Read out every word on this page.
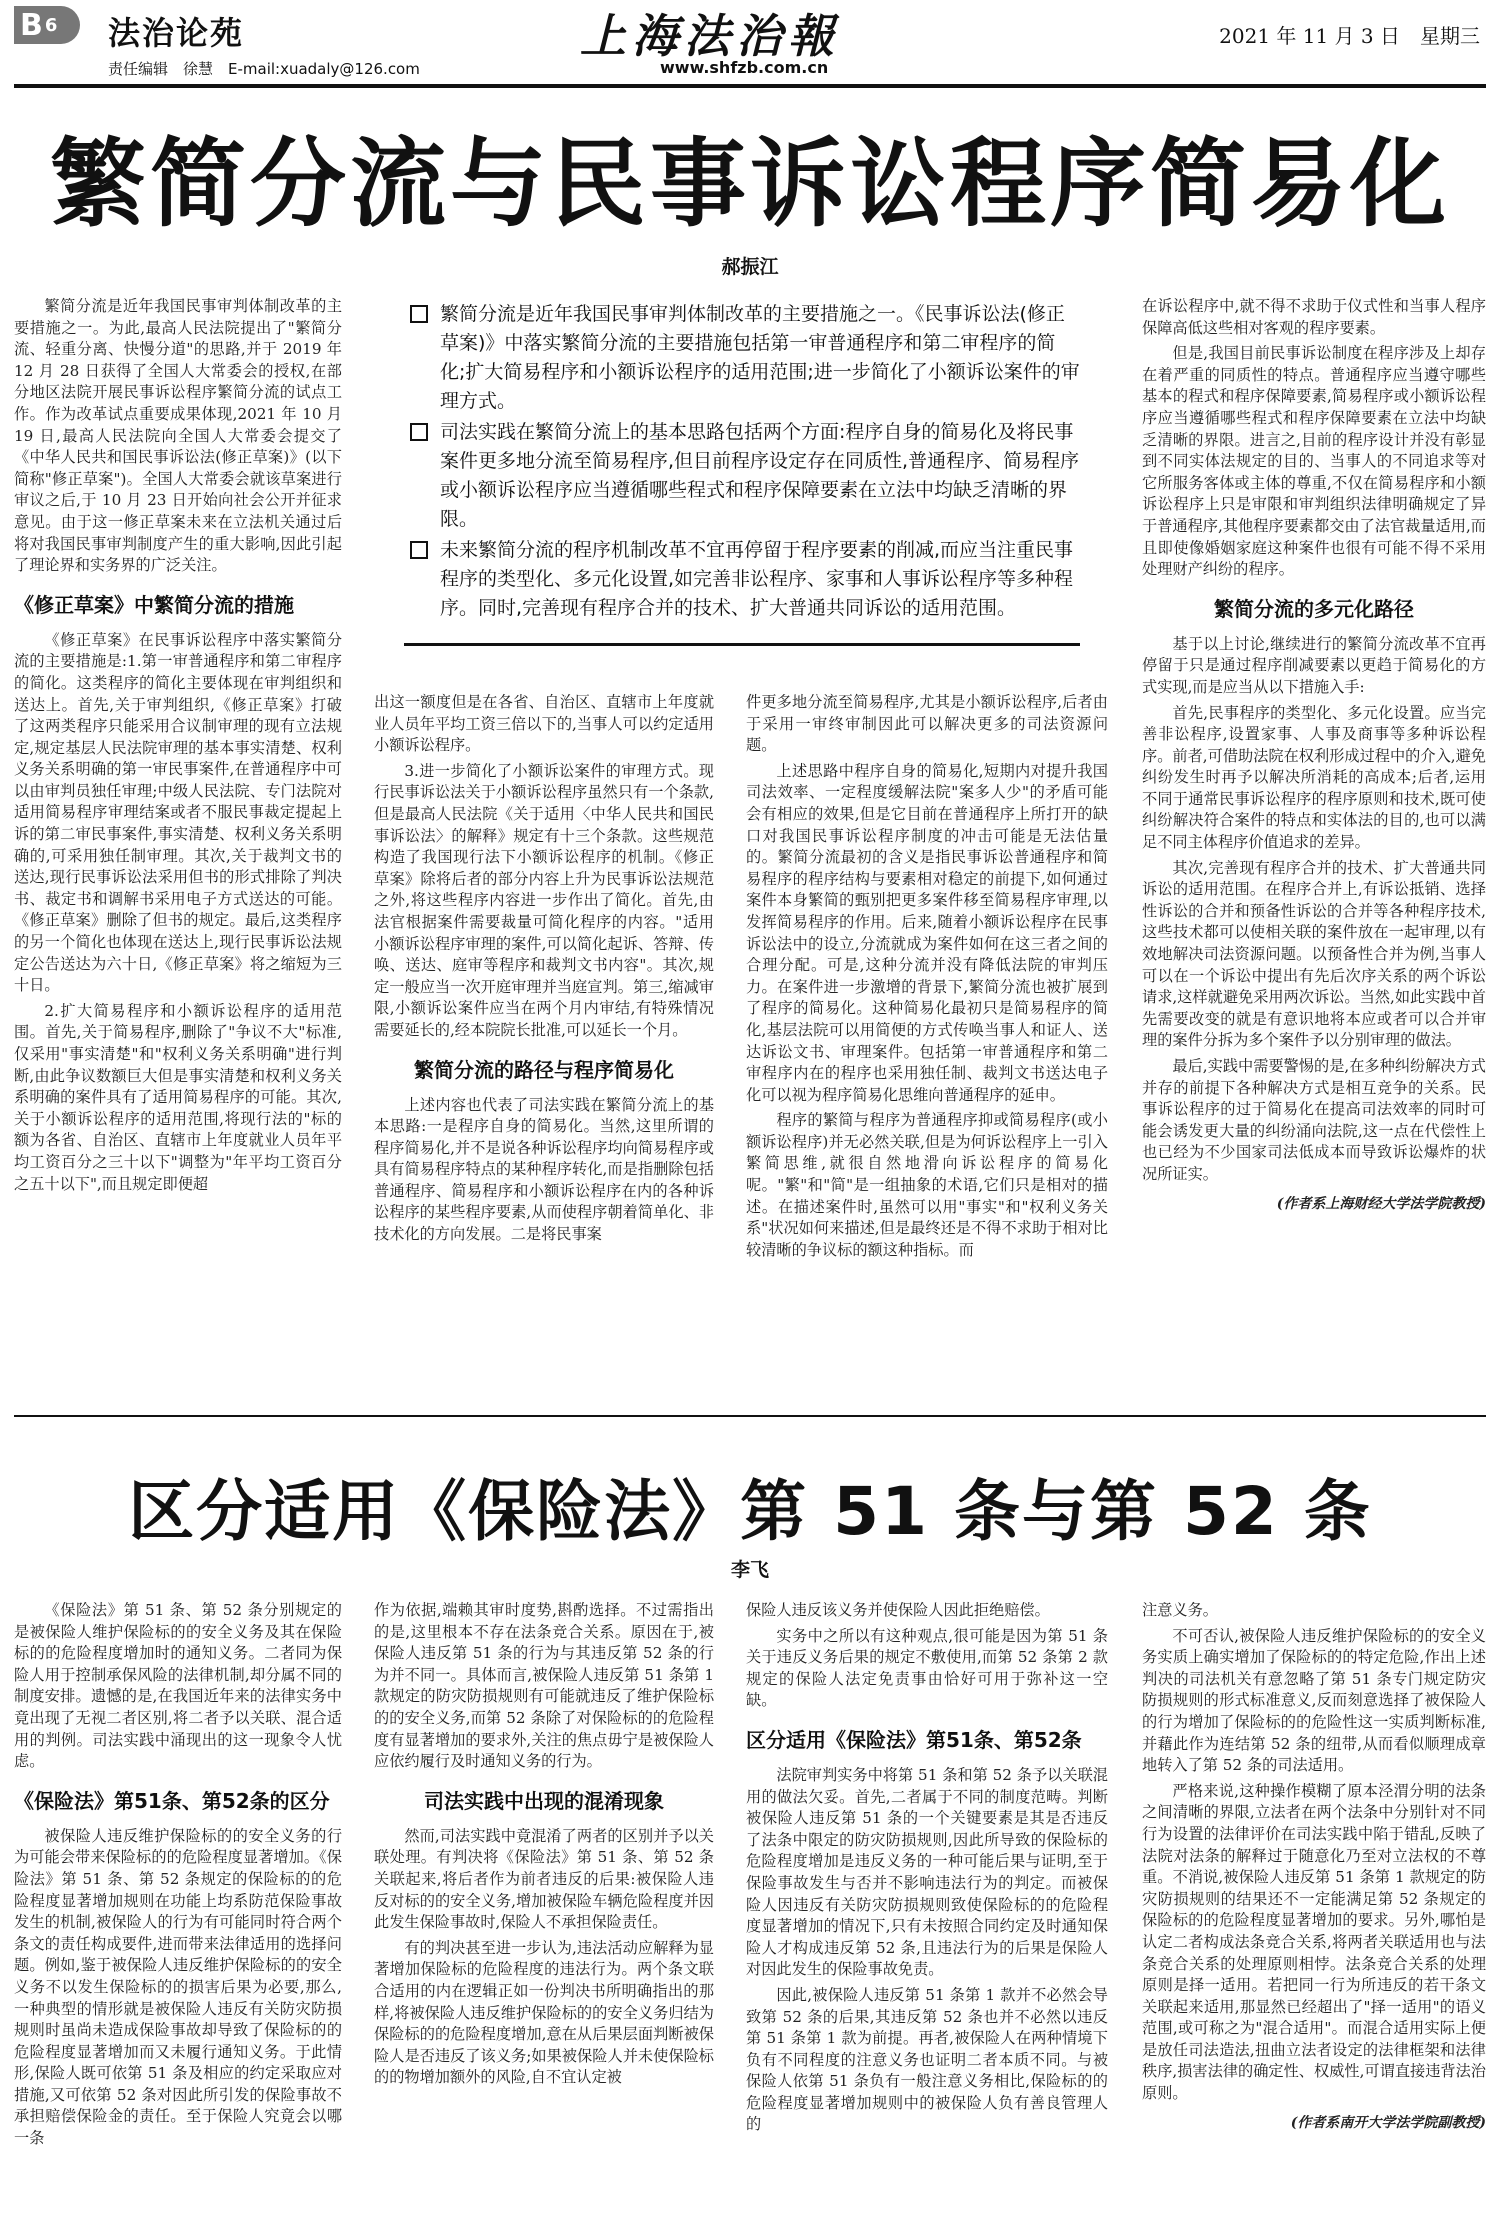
B 6 法治论苑
责任编辑　徐慧　E-mail:xuadaly@126.com
上海法治報
www.shfzb.com.cn
2021 年 11 月 3 日　星期三
繁简分流与民事诉讼程序简易化
郝振江
繁简分流是近年我国民事审判体制改革的主要措施之一。《民事诉讼法(修正草案)》中落实繁简分流的主要措施包括第一审普通程序和第二审程序的简化;扩大简易程序和小额诉讼程序的适用范围;进一步简化了小额诉讼案件的审理方式。
司法实践在繁简分流上的基本思路包括两个方面:程序自身的简易化及将民事案件更多地分流至简易程序,但目前程序设定存在同质性,普通程序、简易程序或小额诉讼程序应当遵循哪些程式和程序保障要素在立法中均缺乏清晰的界限。
未来繁简分流的程序机制改革不宜再停留于程序要素的削减,而应当注重民事程序的类型化、多元化设置,如完善非讼程序、家事和人事诉讼程序等多种程序。同时,完善现有程序合并的技术、扩大普通共同诉讼的适用范围。

繁简分流是近年我国民事审判体制改革的主要措施之一。为此,最高人民法院提出了"繁简分流、轻重分离、快慢分道"的思路,并于 2019 年 12 月 28 日获得了全国人大常委会的授权,在部分地区法院开展民事诉讼程序繁简分流的试点工作。作为改革试点重要成果体现,2021 年 10 月 19 日,最高人民法院向全国人大常委会提交了《中华人民共和国民事诉讼法(修正草案)》(以下简称"修正草案")。全国人大常委会就该草案进行审议之后,于 10 月 23 日开始向社会公开并征求意见。由于这一修正草案未来在立法机关通过后将对我国民事审判制度产生的重大影响,因此引起了理论界和实务界的广泛关注。

《修正草案》中繁简分流的措施

《修正草案》在民事诉讼程序中落实繁简分流的主要措施是:1.第一审普通程序和第二审程序的简化。这类程序的简化主要体现在审判组织和送达上。首先,关于审判组织,《修正草案》打破了这两类程序只能采用合议制审理的现有立法规定,规定基层人民法院审理的基本事实清楚、权利义务关系明确的第一审民事案件,在普通程序中可以由审判员独任审理;中级人民法院、专门法院对适用简易程序审理结案或者不服民事裁定提起上诉的第二审民事案件,事实清楚、权利义务关系明确的,可采用独任制审理。其次,关于裁判文书的送达,现行民事诉讼法采用但书的形式排除了判决书、裁定书和调解书采用电子方式送达的可能。《修正草案》删除了但书的规定。最后,这类程序的另一个简化也体现在送达上,现行民事诉讼法规定公告送达为六十日,《修正草案》将之缩短为三十日。

2.扩大简易程序和小额诉讼程序的适用范围。首先,关于简易程序,删除了"争议不大"标准,仅采用"事实清楚"和"权利义务关系明确"进行判断,由此争议数额巨大但是事实清楚和权利义务关系明确的案件具有了适用简易程序的可能。其次,关于小额诉讼程序的适用范围,将现行法的"标的额为各省、自治区、直辖市上年度就业人员年平均工资百分之三十以下"调整为"年平均工资百分之五十以下",而且规定即便超

出这一额度但是在各省、自治区、直辖市上年度就业人员年平均工资三倍以下的,当事人可以约定适用小额诉讼程序。

3.进一步简化了小额诉讼案件的审理方式。现行民事诉讼法关于小额诉讼程序虽然只有一个条款,但是最高人民法院《关于适用〈中华人民共和国民事诉讼法〉的解释》规定有十三个条款。这些规范构造了我国现行法下小额诉讼程序的机制。《修正草案》除将后者的部分内容上升为民事诉讼法规范之外,将这些程序内容进一步作出了简化。首先,由法官根据案件需要裁量可简化程序的内容。"适用小额诉讼程序审理的案件,可以简化起诉、答辩、传唤、送达、庭审等程序和裁判文书内容"。其次,规定一般应当一次开庭审理并当庭宣判。第三,缩减审限,小额诉讼案件应当在两个月内审结,有特殊情况需要延长的,经本院院长批准,可以延长一个月。

繁简分流的路径与程序简易化

上述内容也代表了司法实践在繁简分流上的基本思路:一是程序自身的简易化。当然,这里所谓的程序简易化,并不是说各种诉讼程序均向简易程序或具有简易程序特点的某种程序转化,而是指删除包括普通程序、简易程序和小额诉讼程序在内的各种诉讼程序的某些程序要素,从而使程序朝着简单化、非技术化的方向发展。二是将民事案

件更多地分流至简易程序,尤其是小额诉讼程序,后者由于采用一审终审制因此可以解决更多的司法资源问题。

上述思路中程序自身的简易化,短期内对提升我国司法效率、一定程度缓解法院"案多人少"的矛盾可能会有相应的效果,但是它目前在普通程序上所打开的缺口对我国民事诉讼程序制度的冲击可能是无法估量的。繁简分流最初的含义是指民事诉讼普通程序和简易程序的程序结构与要素相对稳定的前提下,如何通过案件本身繁简的甄别把更多案件移至简易程序审理,以发挥简易程序的作用。后来,随着小额诉讼程序在民事诉讼法中的设立,分流就成为案件如何在这三者之间的合理分配。可是,这种分流并没有降低法院的审判压力。在案件进一步激增的背景下,繁简分流也被扩展到了程序的简易化。这种简易化最初只是简易程序的简化,基层法院可以用简便的方式传唤当事人和证人、送达诉讼文书、审理案件。包括第一审普通程序和第二审程序内在的程序也采用独任制、裁判文书送达电子化可以视为程序简易化思维向普通程序的延申。

程序的繁简与程序为普通程序抑或简易程序(或小额诉讼程序)并无必然关联,但是为何诉讼程序上一引入繁简思维,就很自然地滑向诉讼程序的简易化呢。"繁"和"简"是一组抽象的术语,它们只是相对的描述。在描述案件时,虽然可以用"事实"和"权利义务关系"状况如何来描述,但是最终还是不得不求助于相对比较清晰的争议标的额这种指标。而

在诉讼程序中,就不得不求助于仪式性和当事人程序保障高低这些相对客观的程序要素。

但是,我国目前民事诉讼制度在程序涉及上却存在着严重的同质性的特点。普通程序应当遵守哪些基本的程式和程序保障要素,简易程序或小额诉讼程序应当遵循哪些程式和程序保障要素在立法中均缺乏清晰的界限。进言之,目前的程序设计并没有彰显到不同实体法规定的目的、当事人的不同追求等对它所服务客体或主体的尊重,不仅在简易程序和小额诉讼程序上只是审限和审判组织法律明确规定了异于普通程序,其他程序要素都交由了法官裁量适用,而且即使像婚姻家庭这种案件也很有可能不得不采用处理财产纠纷的程序。

繁简分流的多元化路径

基于以上讨论,继续进行的繁简分流改革不宜再停留于只是通过程序削减要素以更趋于简易化的方式实现,而是应当从以下措施入手:

首先,民事程序的类型化、多元化设置。应当完善非讼程序,设置家事、人事及商事等多种诉讼程序。前者,可借助法院在权利形成过程中的介入,避免纠纷发生时再予以解决所消耗的高成本;后者,运用不同于通常民事诉讼程序的程序原则和技术,既可使纠纷解决符合案件的特点和实体法的目的,也可以满足不同主体程序价值追求的差异。

其次,完善现有程序合并的技术、扩大普通共同诉讼的适用范围。在程序合并上,有诉讼抵销、选择性诉讼的合并和预备性诉讼的合并等各种程序技术,这些技术都可以使相关联的案件放在一起审理,以有效地解决司法资源问题。以预备性合并为例,当事人可以在一个诉讼中提出有先后次序关系的两个诉讼请求,这样就避免采用两次诉讼。当然,如此实践中首先需要改变的就是有意识地将本应或者可以合并审理的案件分拆为多个案件予以分别审理的做法。

最后,实践中需要警惕的是,在多种纠纷解决方式并存的前提下各种解决方式是相互竞争的关系。民事诉讼程序的过于简易化在提高司法效率的同时可能会诱发更大量的纠纷涌向法院,这一点在代偿性上也已经为不少国家司法低成本而导致诉讼爆炸的状况所证实。

(作者系上海财经大学法学院教授)

区分适用《保险法》第 51 条与第 52 条
李飞

《保险法》第 51 条、第 52 条分别规定的是被保险人维护保险标的的安全义务及其在保险标的的危险程度增加时的通知义务。二者同为保险人用于控制承保风险的法律机制,却分属不同的制度安排。遗憾的是,在我国近年来的法律实务中竟出现了无视二者区别,将二者予以关联、混合适用的判例。司法实践中涌现出的这一现象令人忧虑。

《保险法》第51条、第52条的区分

被保险人违反维护保险标的的安全义务的行为可能会带来保险标的的危险程度显著增加。《保险法》第 51 条、第 52 条规定的保险标的的危险程度显著增加规则在功能上均系防范保险事故发生的机制,被保险人的行为有可能同时符合两个条文的责任构成要件,进而带来法律适用的选择问题。例如,鉴于被保险人违反维护保险标的的安全义务不以发生保险标的的损害后果为必要,那么,一种典型的情形就是被保险人违反有关防灾防损规则时虽尚未造成保险事故却导致了保险标的的危险程度显著增加而又未履行通知义务。于此情形,保险人既可依第 51 条及相应的约定采取应对措施,又可依第 52 条对因此所引发的保险事故不承担赔偿保险金的责任。至于保险人究竟会以哪一条

作为依据,端赖其审时度势,斟酌选择。不过需指出的是,这里根本不存在法条竞合关系。原因在于,被保险人违反第 51 条的行为与其违反第 52 条的行为并不同一。具体而言,被保险人违反第 51 条第 1 款规定的防灾防损规则有可能就违反了维护保险标的的安全义务,而第 52 条除了对保险标的的危险程度有显著增加的要求外,关注的焦点毋宁是被保险人应依约履行及时通知义务的行为。

司法实践中出现的混淆现象

然而,司法实践中竟混淆了两者的区别并予以关联处理。有判决将《保险法》第 51 条、第 52 条关联起来,将后者作为前者违反的后果:被保险人违反对标的的安全义务,增加被保险车辆危险程度并因此发生保险事故时,保险人不承担保险责任。

有的判决甚至进一步认为,违法活动应解释为显著增加保险标的危险程度的违法行为。两个条文联合适用的内在逻辑正如一份判决书所明确指出的那样,将被保险人违反维护保险标的的安全义务归结为保险标的的危险程度增加,意在从后果层面判断被保险人是否违反了该义务;如果被保险人并未使保险标的的物增加额外的风险,自不宜认定被

保险人违反该义务并使保险人因此拒绝赔偿。

实务中之所以有这种观点,很可能是因为第 51 条关于违反义务后果的规定不敷使用,而第 52 条第 2 款规定的保险人法定免责事由恰好可用于弥补这一空缺。

区分适用《保险法》第51条、第52条

法院审判实务中将第 51 条和第 52 条予以关联混用的做法欠妥。首先,二者属于不同的制度范畴。判断被保险人违反第 51 条的一个关键要素是其是否违反了法条中限定的防灾防损规则,因此所导致的保险标的危险程度增加是违反义务的一种可能后果与证明,至于保险事故发生与否并不影响违法行为的判定。而被保险人因违反有关防灾防损规则致使保险标的的危险程度显著增加的情况下,只有未按照合同约定及时通知保险人才构成违反第 52 条,且违法行为的后果是保险人对因此发生的保险事故免责。

因此,被保险人违反第 51 条第 1 款并不必然会导致第 52 条的后果,其违反第 52 条也并不必然以违反第 51 条第 1 款为前提。再者,被保险人在两种情境下负有不同程度的注意义务也证明二者本质不同。与被保险人依第 51 条负有一般注意义务相比,保险标的的危险程度显著增加规则中的被保险人负有善良管理人的

注意义务。

不可否认,被保险人违反维护保险标的的安全义务实质上确实增加了保险标的的特定危险,作出上述判决的司法机关有意忽略了第 51 条专门规定防灾防损规则的形式标准意义,反而刻意选择了被保险人的行为增加了保险标的的危险性这一实质判断标准,并藉此作为连结第 52 条的纽带,从而看似顺理成章地转入了第 52 条的司法适用。

严格来说,这种操作模糊了原本泾渭分明的法条之间清晰的界限,立法者在两个法条中分别针对不同行为设置的法律评价在司法实践中陷于错乱,反映了法院对法条的解释过于随意化乃至对立法权的不尊重。不消说,被保险人违反第 51 条第 1 款规定的防灾防损规则的结果还不一定能满足第 52 条规定的保险标的的危险程度显著增加的要求。另外,哪怕是认定二者构成法条竞合关系,将两者关联适用也与法条竞合关系的处理原则相悖。法条竞合关系的处理原则是择一适用。若把同一行为所违反的若干条文关联起来适用,那显然已经超出了"择一适用"的语义范围,或可称之为"混合适用"。而混合适用实际上便是放任司法造法,扭曲立法者设定的法律框架和法律秩序,损害法律的确定性、权威性,可谓直接违背法治原则。

(作者系南开大学法学院副教授)
